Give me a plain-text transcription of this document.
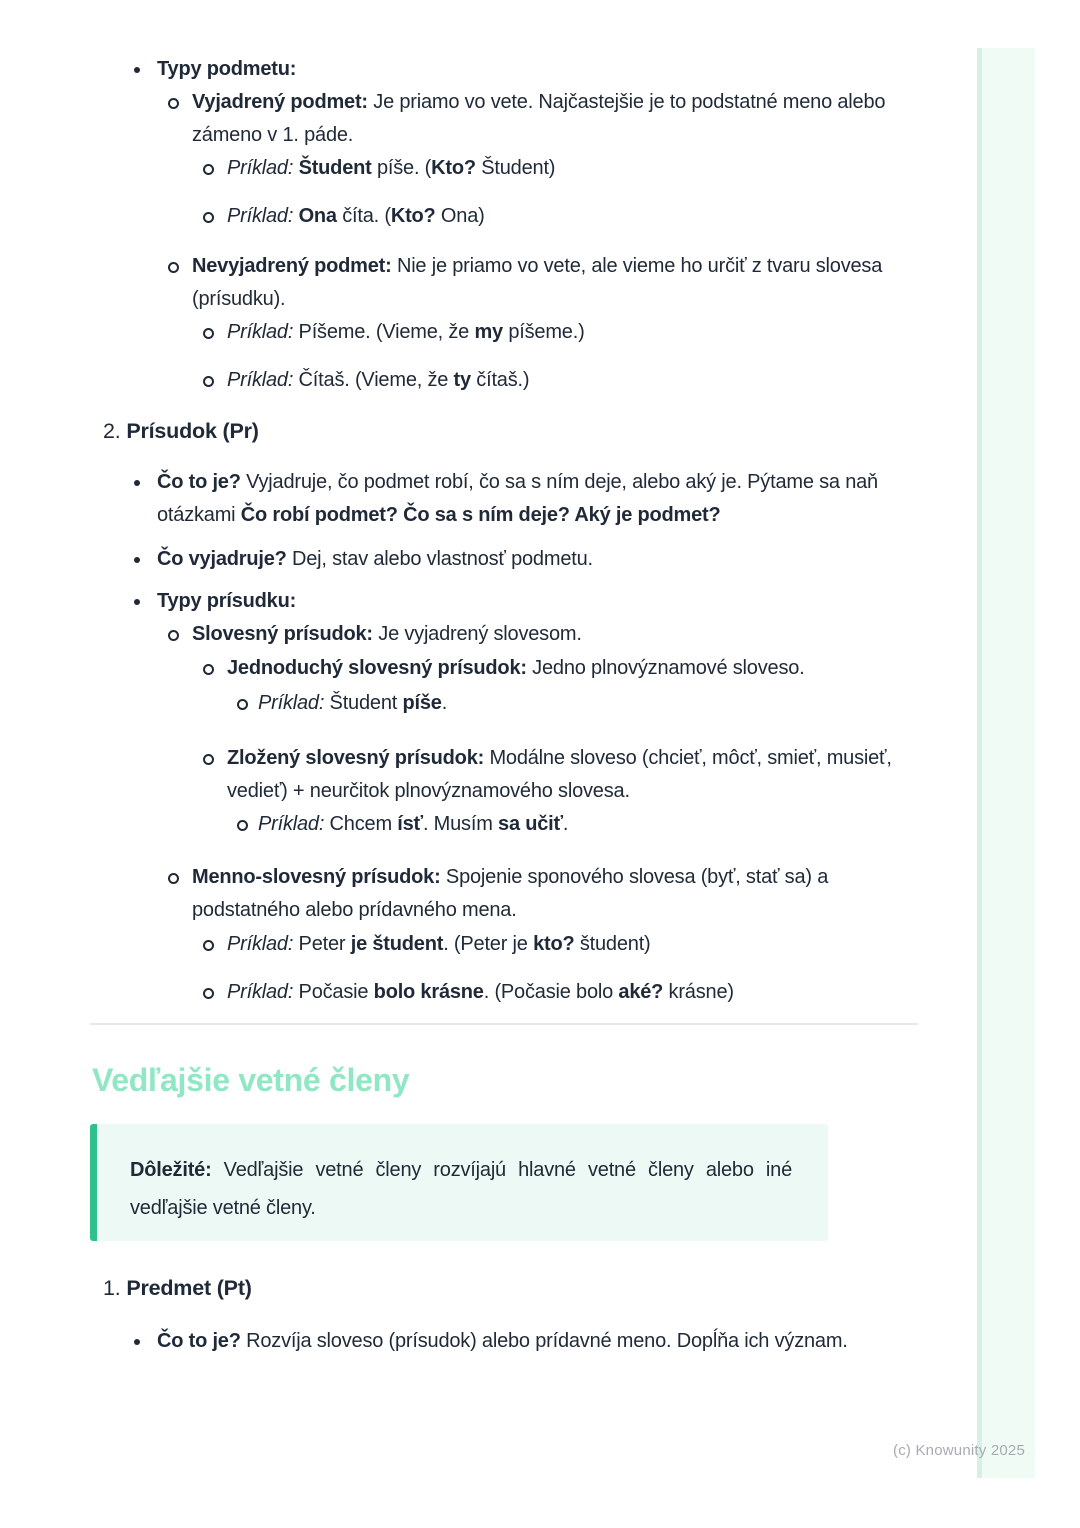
Typy podmetu:
Vyjadrený podmet: Je priamo vo vete. Najčastejšie je to podstatné meno alebo zámeno v 1. páde.
Príklad: Študent píše. (Kto? Študent)
Príklad: Ona číta. (Kto? Ona)
Nevyjadrený podmet: Nie je priamo vo vete, ale vieme ho určiť z tvaru slovesa (prísudku).
Príklad: Píšeme. (Vieme, že my píšeme.)
Príklad: Čítaš. (Vieme, že ty čítaš.)
2. Prísudok (Pr)
Čo to je? Vyjadruje, čo podmet robí, čo sa s ním deje, alebo aký je. Pýtame sa naň otázkami Čo robí podmet? Čo sa s ním deje? Aký je podmet?
Čo vyjadruje? Dej, stav alebo vlastnosť podmetu.
Typy prísudku:
Slovesný prísudok: Je vyjadrený slovesom.
Jednoduchý slovesný prísudok: Jedno plnovýznamové sloveso.
Príklad: Študent píše.
Zložený slovesný prísudok: Modálne sloveso (chcieť, môcť, smieť, musieť, vedieť) + neurčitok plnovýznamového slovesa.
Príklad: Chcem ísť. Musím sa učiť.
Menno-slovesný prísudok: Spojenie sponového slovesa (byť, stať sa) a podstatného alebo prídavného mena.
Príklad: Peter je študent. (Peter je kto? študent)
Príklad: Počasie bolo krásne. (Počasie bolo aké? krásne)
Vedľajšie vetné členy
Dôležité: Vedľajšie vetné členy rozvíjajú hlavné vetné členy alebo iné vedľajšie vetné členy.
1. Predmet (Pt)
Čo to je? Rozvíja sloveso (prísudok) alebo prídavné meno. Dopĺňa ich význam.
(c) Knowunity 2025
